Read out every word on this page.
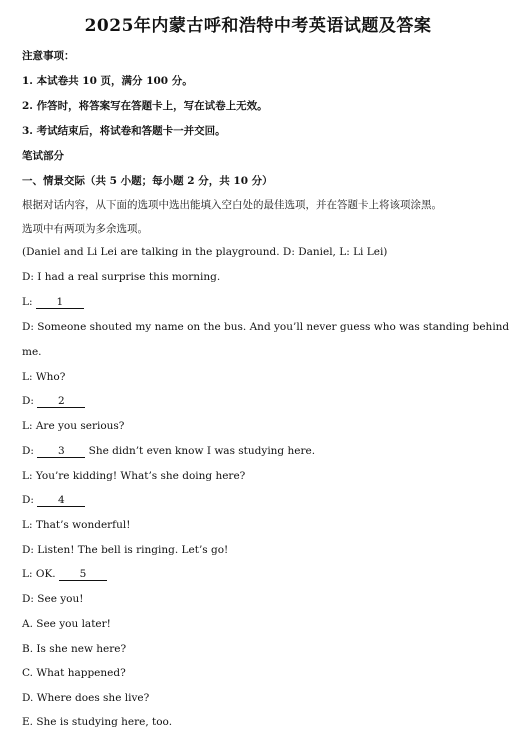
2025年内蒙古呼和浩特中考英语试题及答案
注意事项：
1. 本试卷共 10 页，满分 100 分。
2. 作答时，将答案写在答题卡上，写在试卷上无效。
3. 考试结束后，将试卷和答题卡一并交回。
笔试部分
一、情景交际（共 5 小题；每小题 2 分，共 10 分）
根据对话内容，从下面的选项中选出能填入空白处的最佳选项，并在答题卡上将该项涂黑。
选项中有两项为多余选项。
(Daniel and Li Lei are talking in the playground. D: Daniel, L: Li Lei)
D: I had a real surprise this morning.
L: 1
D: Someone shouted my name on the bus. And you’ll never guess who was standing behind
me.
L: Who?
D: 2
L: Are you serious?
D: 3 She didn’t even know I was studying here.
L: You’re kidding! What’s she doing here?
D: 4
L: That’s wonderful!
D: Listen! The bell is ringing. Let’s go!
L: OK. 5
D: See you!
A. See you later!
B. Is she new here?
C. What happened?
D. Where does she live?
E. She is studying here, too.
